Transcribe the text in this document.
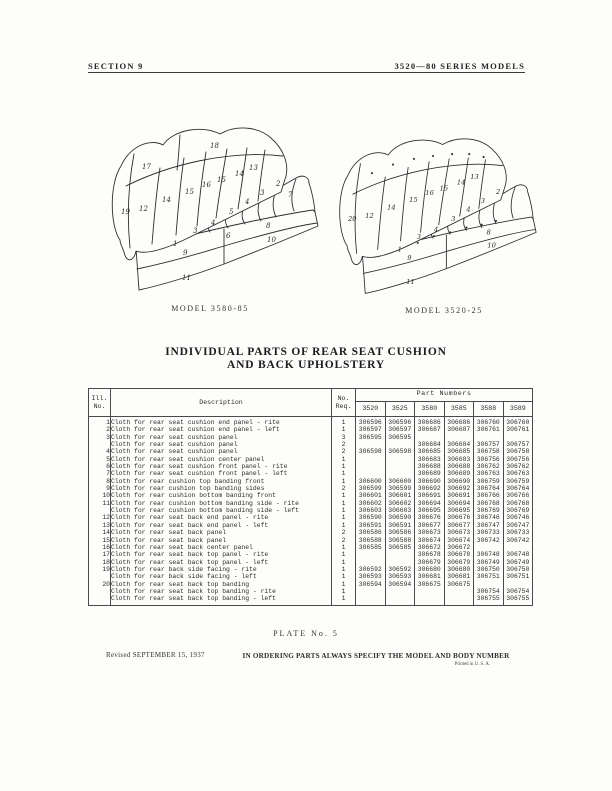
SECTION 9	3520—80 SERIES MODELS
19
17
18
12
14
15
16
15
14
13
1
3
4
5
4
3
2
7
6
8
10
9
11
20 12
14
15
16
15
14
13
1
3
4
3
4
3
2
8
10
9
11
MODEL 3580-85	MODEL 3520-25
INDIVIDUAL PARTS OF REAR SEAT CUSHION
AND BACK UPHOLSTERY
Ill.
No.
	Description	
No.
Req.
	Part Numbers
			3520	3525	3580	3585	3588	3589
1	Cloth for rear seat cushion end panel - rite	1	306596	306596	306686	306686	306760	306760
2	Cloth for rear seat cushion end panel - left	1	306597	306597	306687	306687	306761	306761
3	Cloth for rear seat cushion panel	3	306595	306595				
	Cloth for rear seat cushion panel	2			306684	306684	306757	306757
4	Cloth for rear seat cushion panel	2	306598	306598	306685	306685	306758	306758
5	Cloth for rear seat cushion center panel	1			306683	306683	306756	306756
6	Cloth for rear seat cushion front panel - rite	1			306688	306688	306762	306762
7	Cloth for rear seat cushion front panel - left	1			306689	306689	306763	306763
8	Cloth for rear cushion top banding front	1	306600	306600	306690	306690	306759	306759
9	Cloth for rear cushion top banding sides	2	306599	306599	306692	306692	306764	306764
10	Cloth for rear cushion bottom banding front	1	306601	306601	306691	306691	306766	306766
11	Cloth for rear cushion bottom banding side - rite	1	306602	306602	306694	306694	306768	306768
	Cloth for rear cushion bottom banding side - left	1	306603	306603	306695	306695	306769	306769
12	Cloth for rear seat back end panel - rite	1	306590	306590	306676	306676	306746	306746
13	Cloth for rear seat back end panel - left	1	306591	306591	306677	306677	306747	306747
14	Cloth for rear seat back panel	2	306586	306586	306673	306673	306733	306733
15	Cloth for rear seat back panel	2	306588	306588	306674	306674	306742	306742
16	Cloth for rear seat back center panel	1	306585	306585	306672	306672		
17	Cloth for rear seat back top panel - rite	1			306678	306678	306748	306748
18	Cloth for rear seat back top panel - left	1			306679	306679	306749	306749
19	Cloth for rear back side facing - rite	1	306592	306592	306680	306680	306750	306750
	Cloth for rear back side facing - left	1	306593	306593	306681	306681	306751	306751
20	Cloth for rear seat back top banding	1	306594	306594	306675	306675		
	Cloth for rear seat back top banding - rite	1					306754	306754
	Cloth for rear seat back top banding - left	1					306755	306755
PLATE No. 5
Revised SEPTEMBER 15, 1937	IN ORDERING PARTS ALWAYS SPECIFY THE MODEL AND BODY NUMBER
Printed in U. S. A.
